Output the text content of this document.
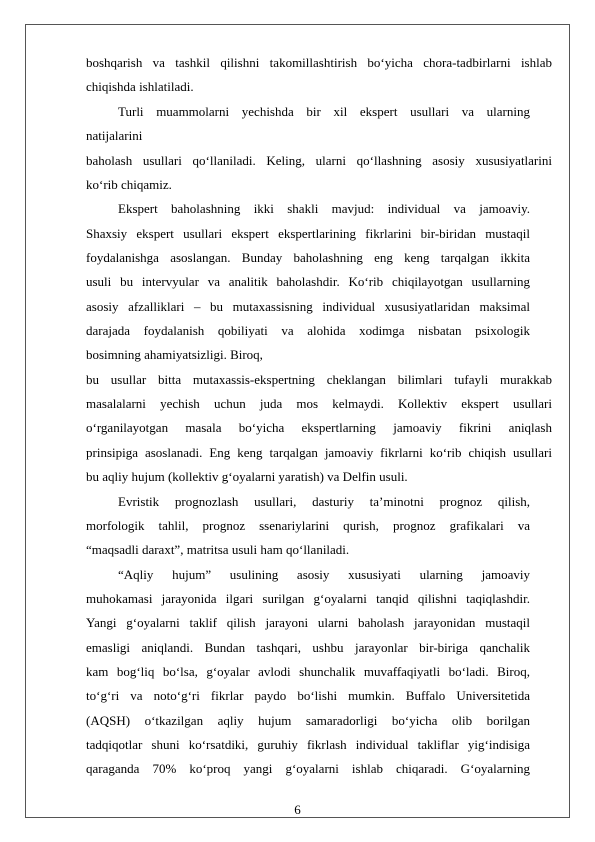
boshqarish va tashkil qilishni takomillashtirish bo‘yicha chora-tadbirlarni ishlab
chiqishda ishlatiladi.
Turli muammolarni yechishda bir xil ekspert usullari va ularning
natijalarini
baholash usullari qo‘llaniladi. Keling, ularni qo‘llashning asosiy xususiyatlarini
ko‘rib chiqamiz.
Ekspert baholashning ikki shakli mavjud: individual va jamoaviy.
Shaxsiy ekspert usullari ekspert ekspertlarining fikrlarini bir-biridan mustaqil
foydalanishga asoslangan. Bunday baholashning eng keng tarqalgan ikkita
usuli bu intervyular va analitik baholashdir. Ko‘rib chiqilayotgan usullarning
asosiy afzalliklari – bu mutaxassisning individual xususiyatlaridan maksimal
darajada foydalanish qobiliyati va alohida xodimga nisbatan psixologik
bosimning ahamiyatsizligi. Biroq,
bu usullar bitta mutaxassis-ekspertning cheklangan bilimlari tufayli murakkab
masalalarni yechish uchun juda mos kelmaydi. Kollektiv ekspert usullari
o‘rganilayotgan masala bo‘yicha ekspertlarning jamoaviy fikrini aniqlash
prinsipiga asoslanadi. Eng keng tarqalgan jamoaviy fikrlarni ko‘rib chiqish usullari
bu aqliy hujum (kollektiv g‘oyalarni yaratish) va Delfin usuli.
Evristik prognozlash usullari, dasturiy ta’minotni prognoz qilish,
morfologik tahlil, prognoz ssenariylarini qurish, prognoz grafikalari va
“maqsadli daraxt”, matritsa usuli ham qo‘llaniladi.
“Aqliy hujum” usulining asosiy xususiyati ularning jamoaviy
muhokamasi jarayonida ilgari surilgan g‘oyalarni tanqid qilishni taqiqlashdir.
Yangi g‘oyalarni taklif qilish jarayoni ularni baholash jarayonidan mustaqil
emasligi aniqlandi. Bundan tashqari, ushbu jarayonlar bir-biriga qanchalik
kam bog‘liq bo‘lsa, g‘oyalar avlodi shunchalik muvaffaqiyatli bo‘ladi. Biroq,
to‘g‘ri va noto‘g‘ri fikrlar paydo bo‘lishi mumkin. Buffalo Universitetida
(AQSH) o‘tkazilgan aqliy hujum samaradorligi bo‘yicha olib borilgan
tadqiqotlar shuni ko‘rsatdiki, guruhiy fikrlash individual takliflar yig‘indisiga
qaraganda 70% ko‘proq yangi g‘oyalarni ishlab chiqaradi. G‘oyalarning
6
